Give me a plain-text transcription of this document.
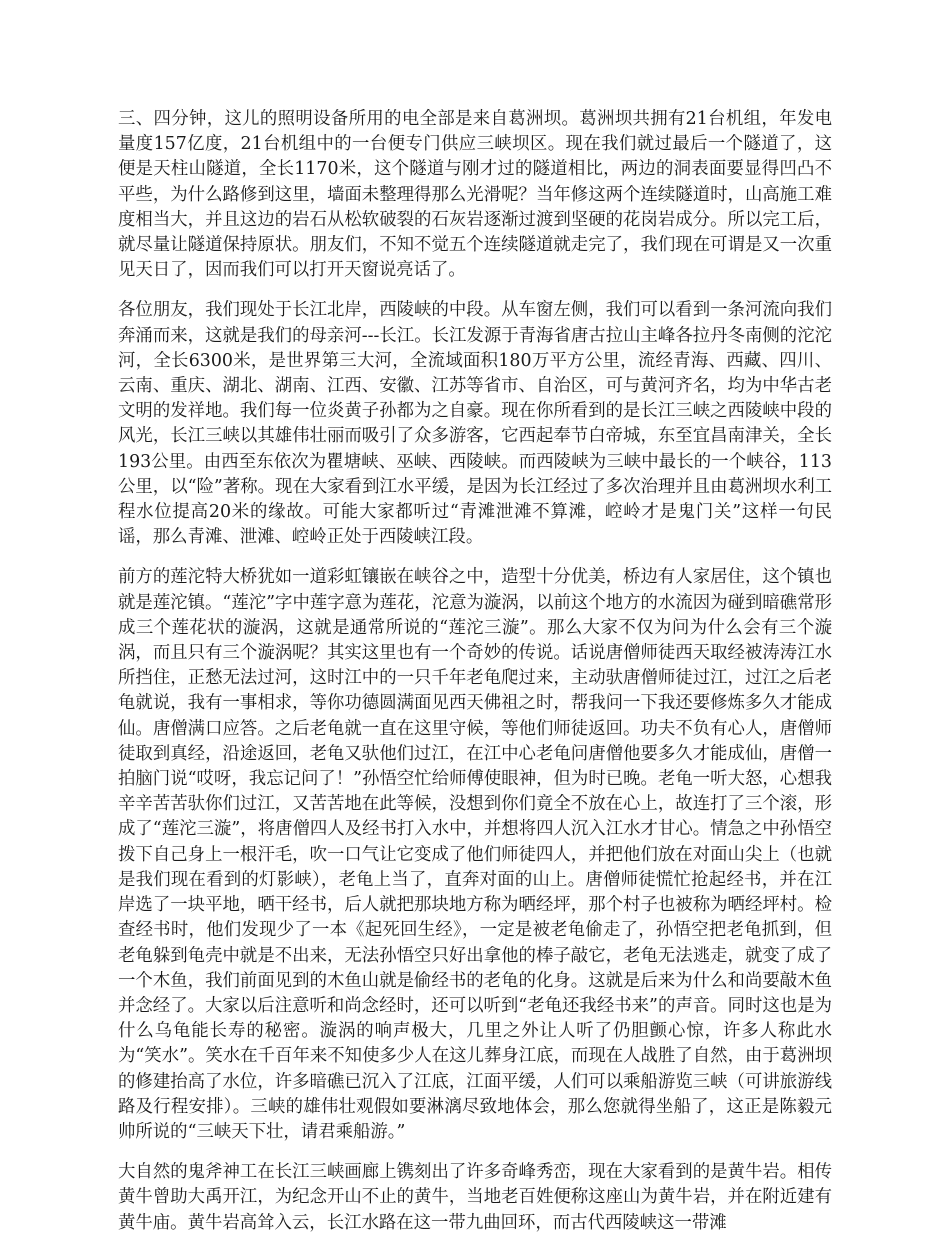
三、四分钟，这儿的照明设备所用的电全部是来自葛洲坝。葛洲坝共拥有21台机组，年发电量度157亿度，21台机组中的一台便专门供应三峡坝区。现在我们就过最后一个隧道了，这便是天柱山隧道，全长1170米，这个隧道与刚才过的隧道相比，两边的洞表面要显得凹凸不平些，为什么路修到这里，墙面未整理得那么光滑呢？当年修这两个连续隧道时，山高施工难度相当大，并且这边的岩石从松软破裂的石灰岩逐渐过渡到坚硬的花岗岩成分。所以完工后，就尽量让隧道保持原状。朋友们，不知不觉五个连续隧道就走完了，我们现在可谓是又一次重见天日了，因而我们可以打开天窗说亮话了。

各位朋友，我们现处于长江北岸，西陵峡的中段。从车窗左侧，我们可以看到一条河流向我们奔涌而来，这就是我们的母亲河---长江。长江发源于青海省唐古拉山主峰各拉丹冬南侧的沱沱河，全长6300米，是世界第三大河，全流域面积180万平方公里，流经青海、西藏、四川、云南、重庆、湖北、湖南、江西、安徽、江苏等省市、自治区，可与黄河齐名，均为中华古老文明的发祥地。我们每一位炎黄子孙都为之自豪。现在你所看到的是长江三峡之西陵峡中段的风光，长江三峡以其雄伟壮丽而吸引了众多游客，它西起奉节白帝城，东至宜昌南津关，全长193公里。由西至东依次为瞿塘峡、巫峡、西陵峡。而西陵峡为三峡中最长的一个峡谷，113公里，以“险”著称。现在大家看到江水平缓，是因为长江经过了多次治理并且由葛洲坝水利工程水位提高20米的缘故。可能大家都听过“青滩泄滩不算滩，崆岭才是鬼门关”这样一句民谣，那么青滩、泄滩、崆岭正处于西陵峡江段。

前方的莲沱特大桥犹如一道彩虹镶嵌在峡谷之中，造型十分优美，桥边有人家居住，这个镇也就是莲沱镇。“莲沱”字中莲字意为莲花，沱意为漩涡，以前这个地方的水流因为碰到暗礁常形成三个莲花状的漩涡，这就是通常所说的“莲沱三漩”。那么大家不仅为问为什么会有三个漩涡，而且只有三个漩涡呢？其实这里也有一个奇妙的传说。话说唐僧师徒西天取经被涛涛江水所挡住，正愁无法过河，这时江中的一只千年老龟爬过来，主动驮唐僧师徒过江，过江之后老龟就说，我有一事相求，等你功德圆满面见西天佛祖之时，帮我问一下我还要修炼多久才能成仙。唐僧满口应答。之后老龟就一直在这里守候，等他们师徒返回。功夫不负有心人，唐僧师徒取到真经，沿途返回，老龟又驮他们过江，在江中心老龟问唐僧他要多久才能成仙，唐僧一拍脑门说“哎呀，我忘记问了！”孙悟空忙给师傅使眼神，但为时已晚。老龟一听大怒，心想我辛辛苦苦驮你们过江，又苦苦地在此等候，没想到你们竟全不放在心上，故连打了三个滚，形成了“莲沱三漩”，将唐僧四人及经书打入水中，并想将四人沉入江水才甘心。情急之中孙悟空拨下自己身上一根汗毛，吹一口气让它变成了他们师徒四人，并把他们放在对面山尖上（也就是我们现在看到的灯影峡），老龟上当了，直奔对面的山上。唐僧师徒慌忙抢起经书，并在江岸选了一块平地，晒干经书，后人就把那块地方称为晒经坪，那个村子也被称为晒经坪村。检查经书时，他们发现少了一本《起死回生经》，一定是被老龟偷走了，孙悟空把老龟抓到，但老龟躲到龟壳中就是不出来，无法孙悟空只好出拿他的棒子敲它，老龟无法逃走，就变了成了一个木鱼，我们前面见到的木鱼山就是偷经书的老龟的化身。这就是后来为什么和尚要敲木鱼并念经了。大家以后注意听和尚念经时，还可以听到“老龟还我经书来”的声音。同时这也是为什么乌龟能长寿的秘密。漩涡的响声极大，几里之外让人听了仍胆颤心惊，许多人称此水为“笑水”。笑水在千百年来不知使多少人在这儿葬身江底，而现在人战胜了自然，由于葛洲坝的修建抬高了水位，许多暗礁已沉入了江底，江面平缓，人们可以乘船游览三峡（可讲旅游线路及行程安排）。三峡的雄伟壮观假如要淋漓尽致地体会，那么您就得坐船了，这正是陈毅元帅所说的“三峡天下壮，请君乘船游。”

大自然的鬼斧神工在长江三峡画廊上镌刻出了许多奇峰秀峦，现在大家看到的是黄牛岩。相传黄牛曾助大禹开江，为纪念开山不止的黄牛，当地老百姓便称这座山为黄牛岩，并在附近建有黄牛庙。黄牛岩高耸入云，长江水路在这一带九曲回环，而古代西陵峡这一带滩
